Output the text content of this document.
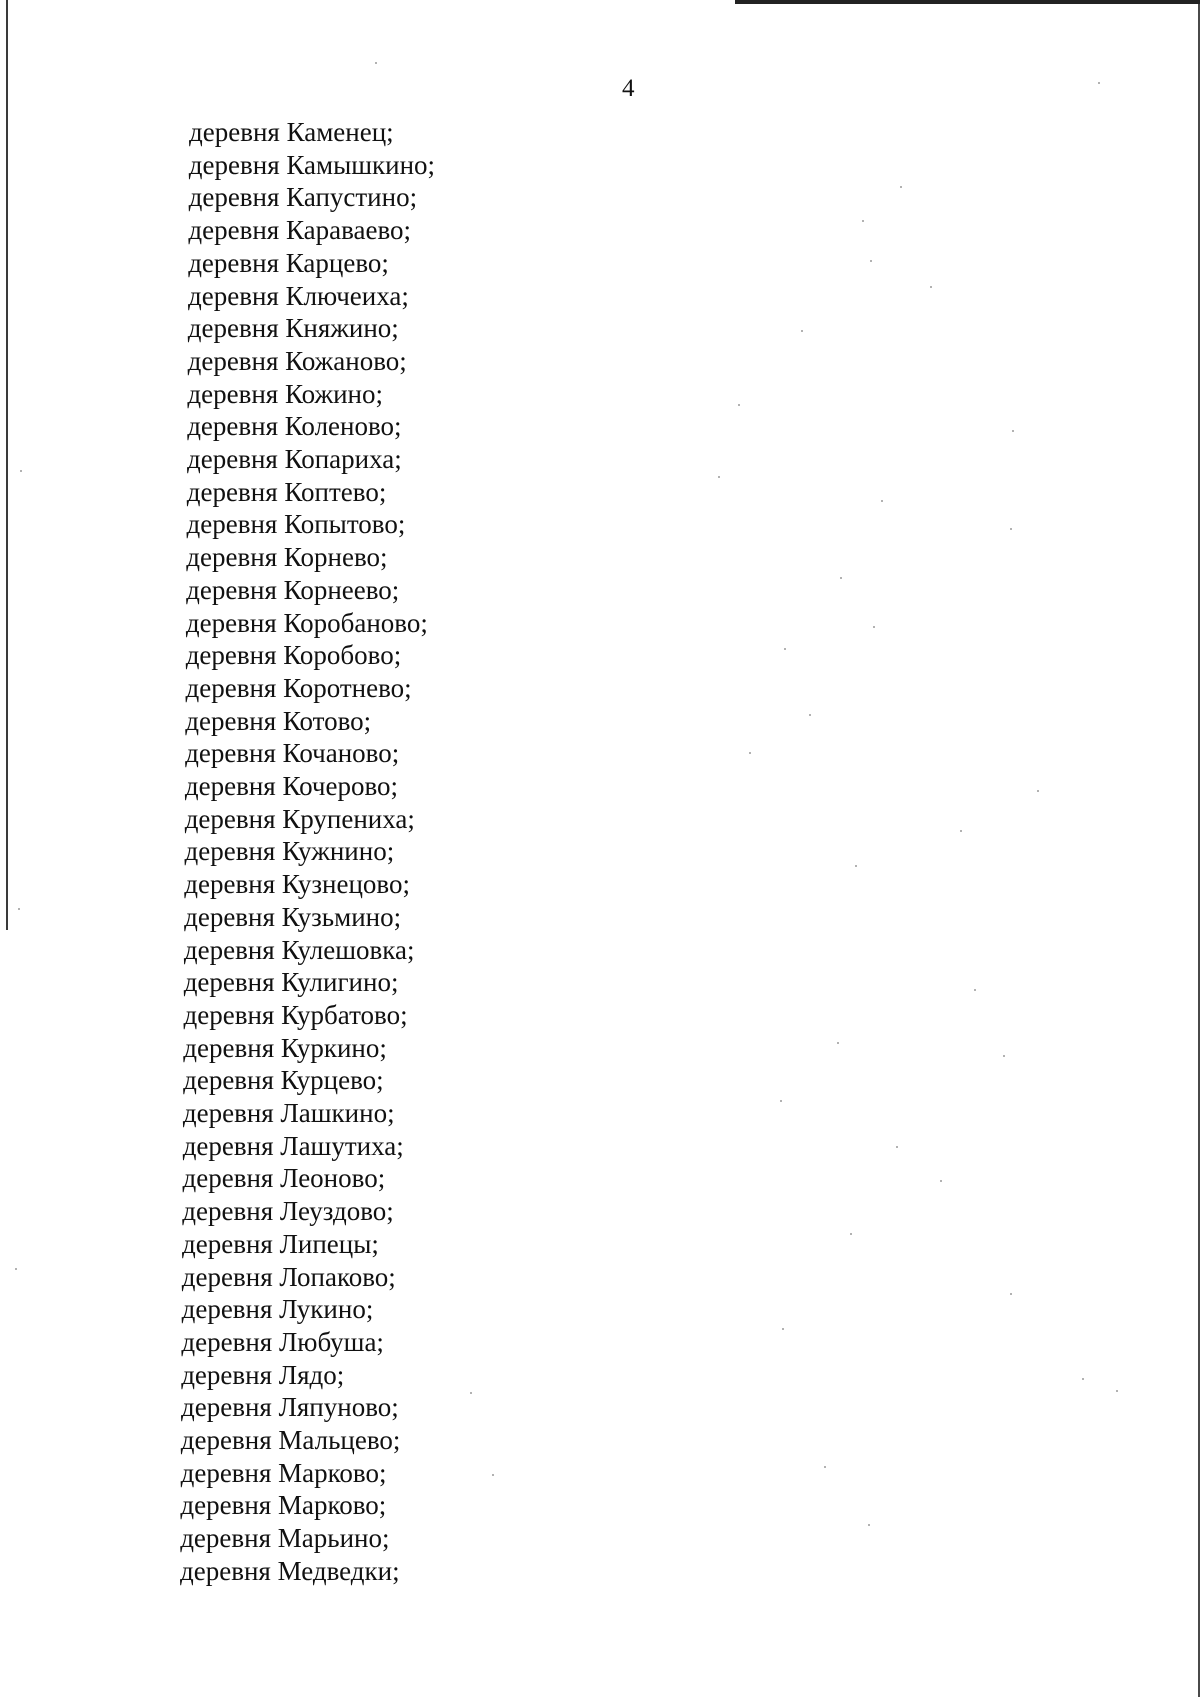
4
деревня Каменец;
деревня Камышкино;
деревня Капустино;
деревня Караваево;
деревня Карцево;
деревня Ключеиха;
деревня Княжино;
деревня Кожаново;
деревня Кожино;
деревня Коленово;
деревня Копариха;
деревня Коптево;
деревня Копытово;
деревня Корнево;
деревня Корнеево;
деревня Коробаново;
деревня Коробово;
деревня Коротнево;
деревня Котово;
деревня Кочаново;
деревня Кочерово;
деревня Крупениха;
деревня Кужнино;
деревня Кузнецово;
деревня Кузьмино;
деревня Кулешовка;
деревня Кулигино;
деревня Курбатово;
деревня Куркино;
деревня Курцево;
деревня Лашкино;
деревня Лашутиха;
деревня Леоново;
деревня Леуздово;
деревня Липецы;
деревня Лопаково;
деревня Лукино;
деревня Любуша;
деревня Лядо;
деревня Ляпуново;
деревня Мальцево;
деревня Марково;
деревня Марково;
деревня Марьино;
деревня Медведки;
